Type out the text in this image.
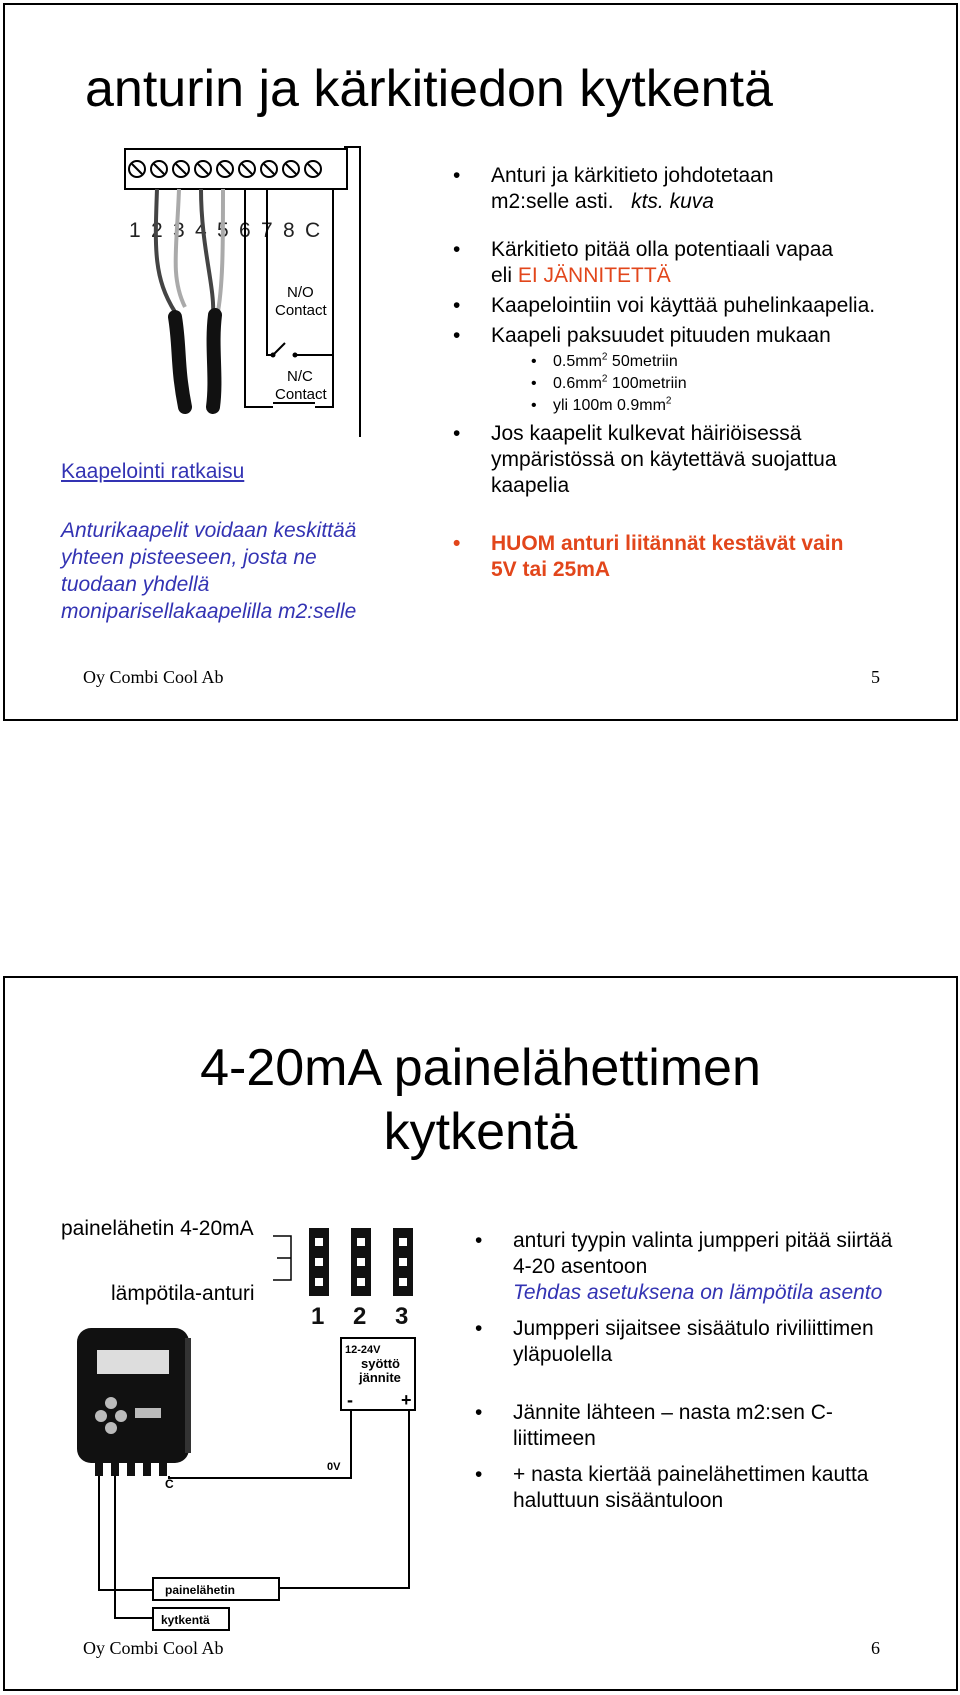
anturin ja kärkitiedon kytkentä
1 2 3 4 5 6 7 8 C
N/O
Contact
N/C
Contact
Kaapelointi ratkaisu
Anturikaapelit voidaan keskittää yhteen pisteeseen, josta ne tuodaan yhdellä moniparisellakaapelilla m2:selle
• Anturi ja kärkitieto johdotetaan
m2:selle asti. kts. kuva
• Kärkitieto pitää olla potentiaali vapaa
eli EI JÄNNITETTÄ
• Kaapelointiin voi käyttää puhelinkaapelia.
• Kaapeli paksuudet pituuden mukaan
• $0.5mm^2$ 50metriin
• $0.6mm^2$ 100metriin
• yli 100m $0.9mm^2$
• Jos kaapelit kulkevat häiriöisessä ympäristössä on käytettävä suojattua kaapelia
• HUOM anturi liitännät kestävät vain
5V tai 25mA
Oy Combi Cool Ab	5
4-20mA painelähettimen
kytkentä
painelähetin 4-20mA
lämpötila-anturi
1 2 3
12-24V
syöttö
jännite
-	+
0V
C
painelähetin
kytkentä
• anturi tyypin valinta jumpperi pitää siirtää 4-20 asentoon
Tehdas asetuksena on lämpötila asento
• Jumpperi sijaitsee sisäätulo riviliittimen yläpuolella
• Jännite lähteen – nasta m2:sen C-liittimeen
• + nasta kiertää painelähettimen kautta haluttuun sisääntuloon
Oy Combi Cool Ab	6
